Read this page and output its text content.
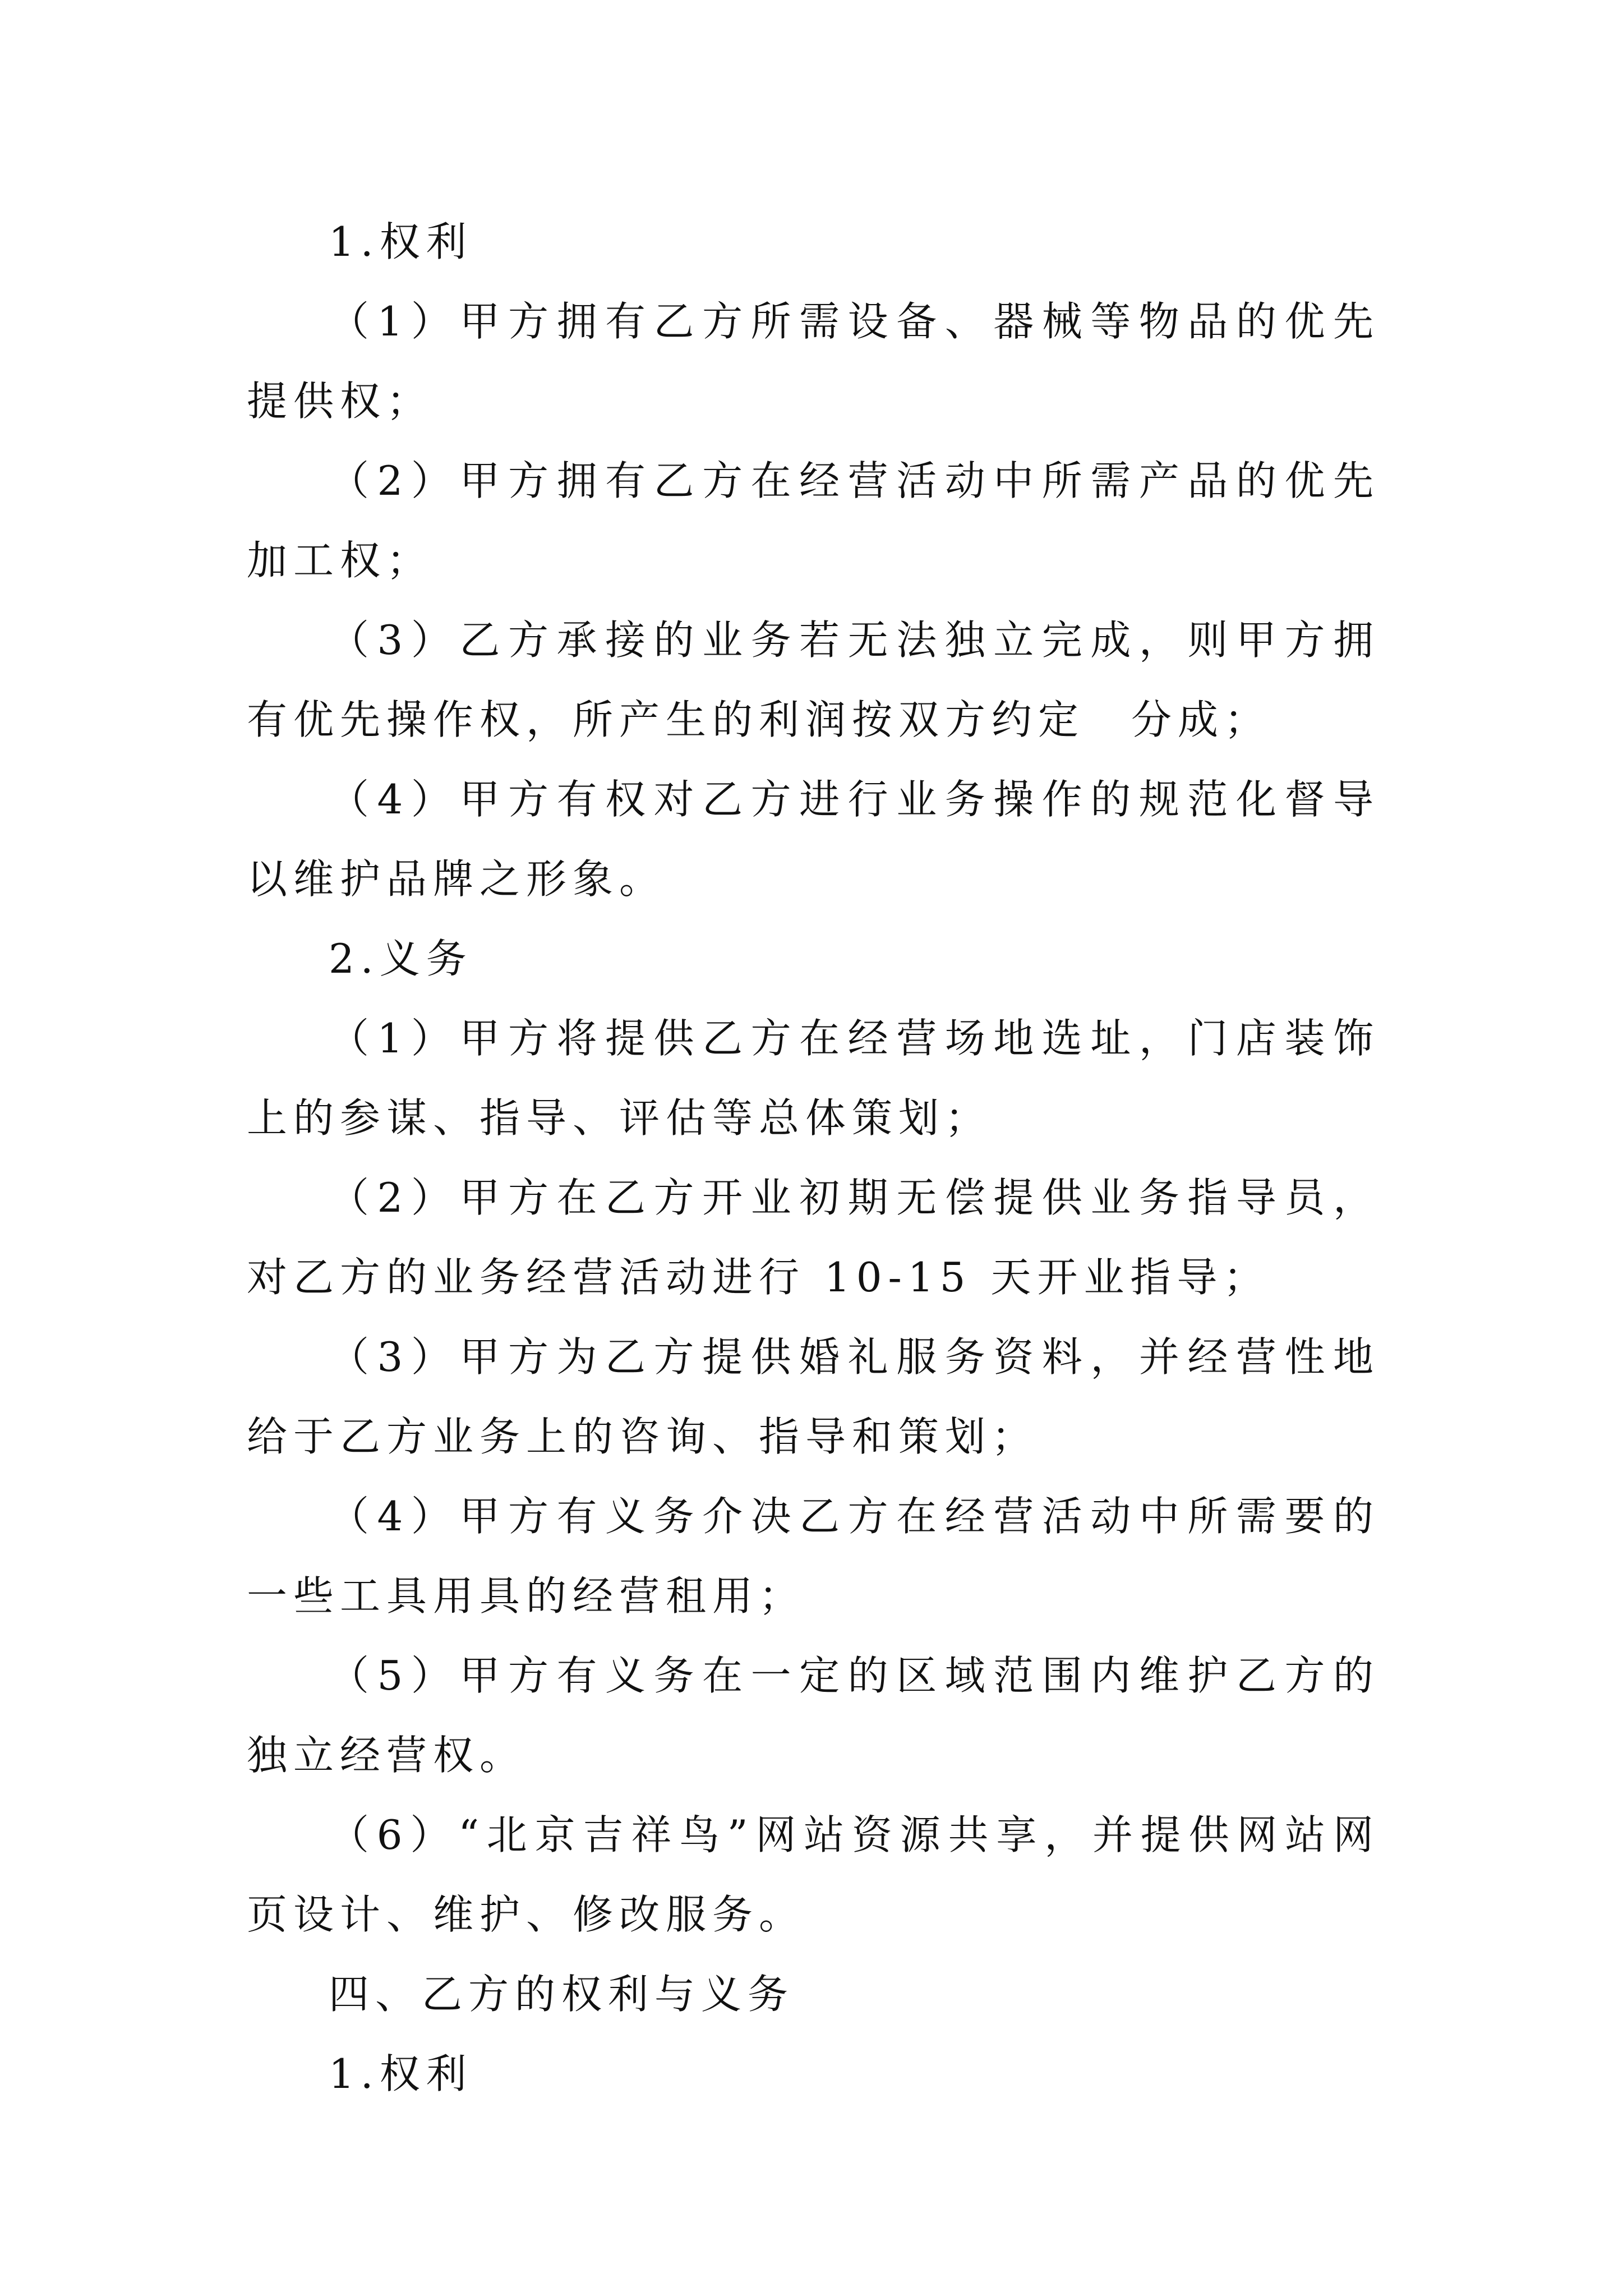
1.权利

（1）甲方拥有乙方所需设备、器械等物品的优先提供权；

（2）甲方拥有乙方在经营活动中所需产品的优先加工权；

（3）乙方承接的业务若无法独立完成，则甲方拥有优先操作权，所产生的利润按双方约定　分成；

（4）甲方有权对乙方进行业务操作的规范化督导以维护品牌之形象。

2.义务

（1）甲方将提供乙方在经营场地选址，门店装饰上的参谋、指导、评估等总体策划；

（2）甲方在乙方开业初期无偿提供业务指导员，对乙方的业务经营活动进行 10-15 天开业指导；

（3）甲方为乙方提供婚礼服务资料，并经营性地给于乙方业务上的咨询、指导和策划；

（4）甲方有义务介决乙方在经营活动中所需要的一些工具用具的经营租用；

（5）甲方有义务在一定的区域范围内维护乙方的独立经营权。

（6）“北京吉祥鸟”网站资源共享，并提供网站网页设计、维护、修改服务。

四、乙方的权利与义务

1.权利
